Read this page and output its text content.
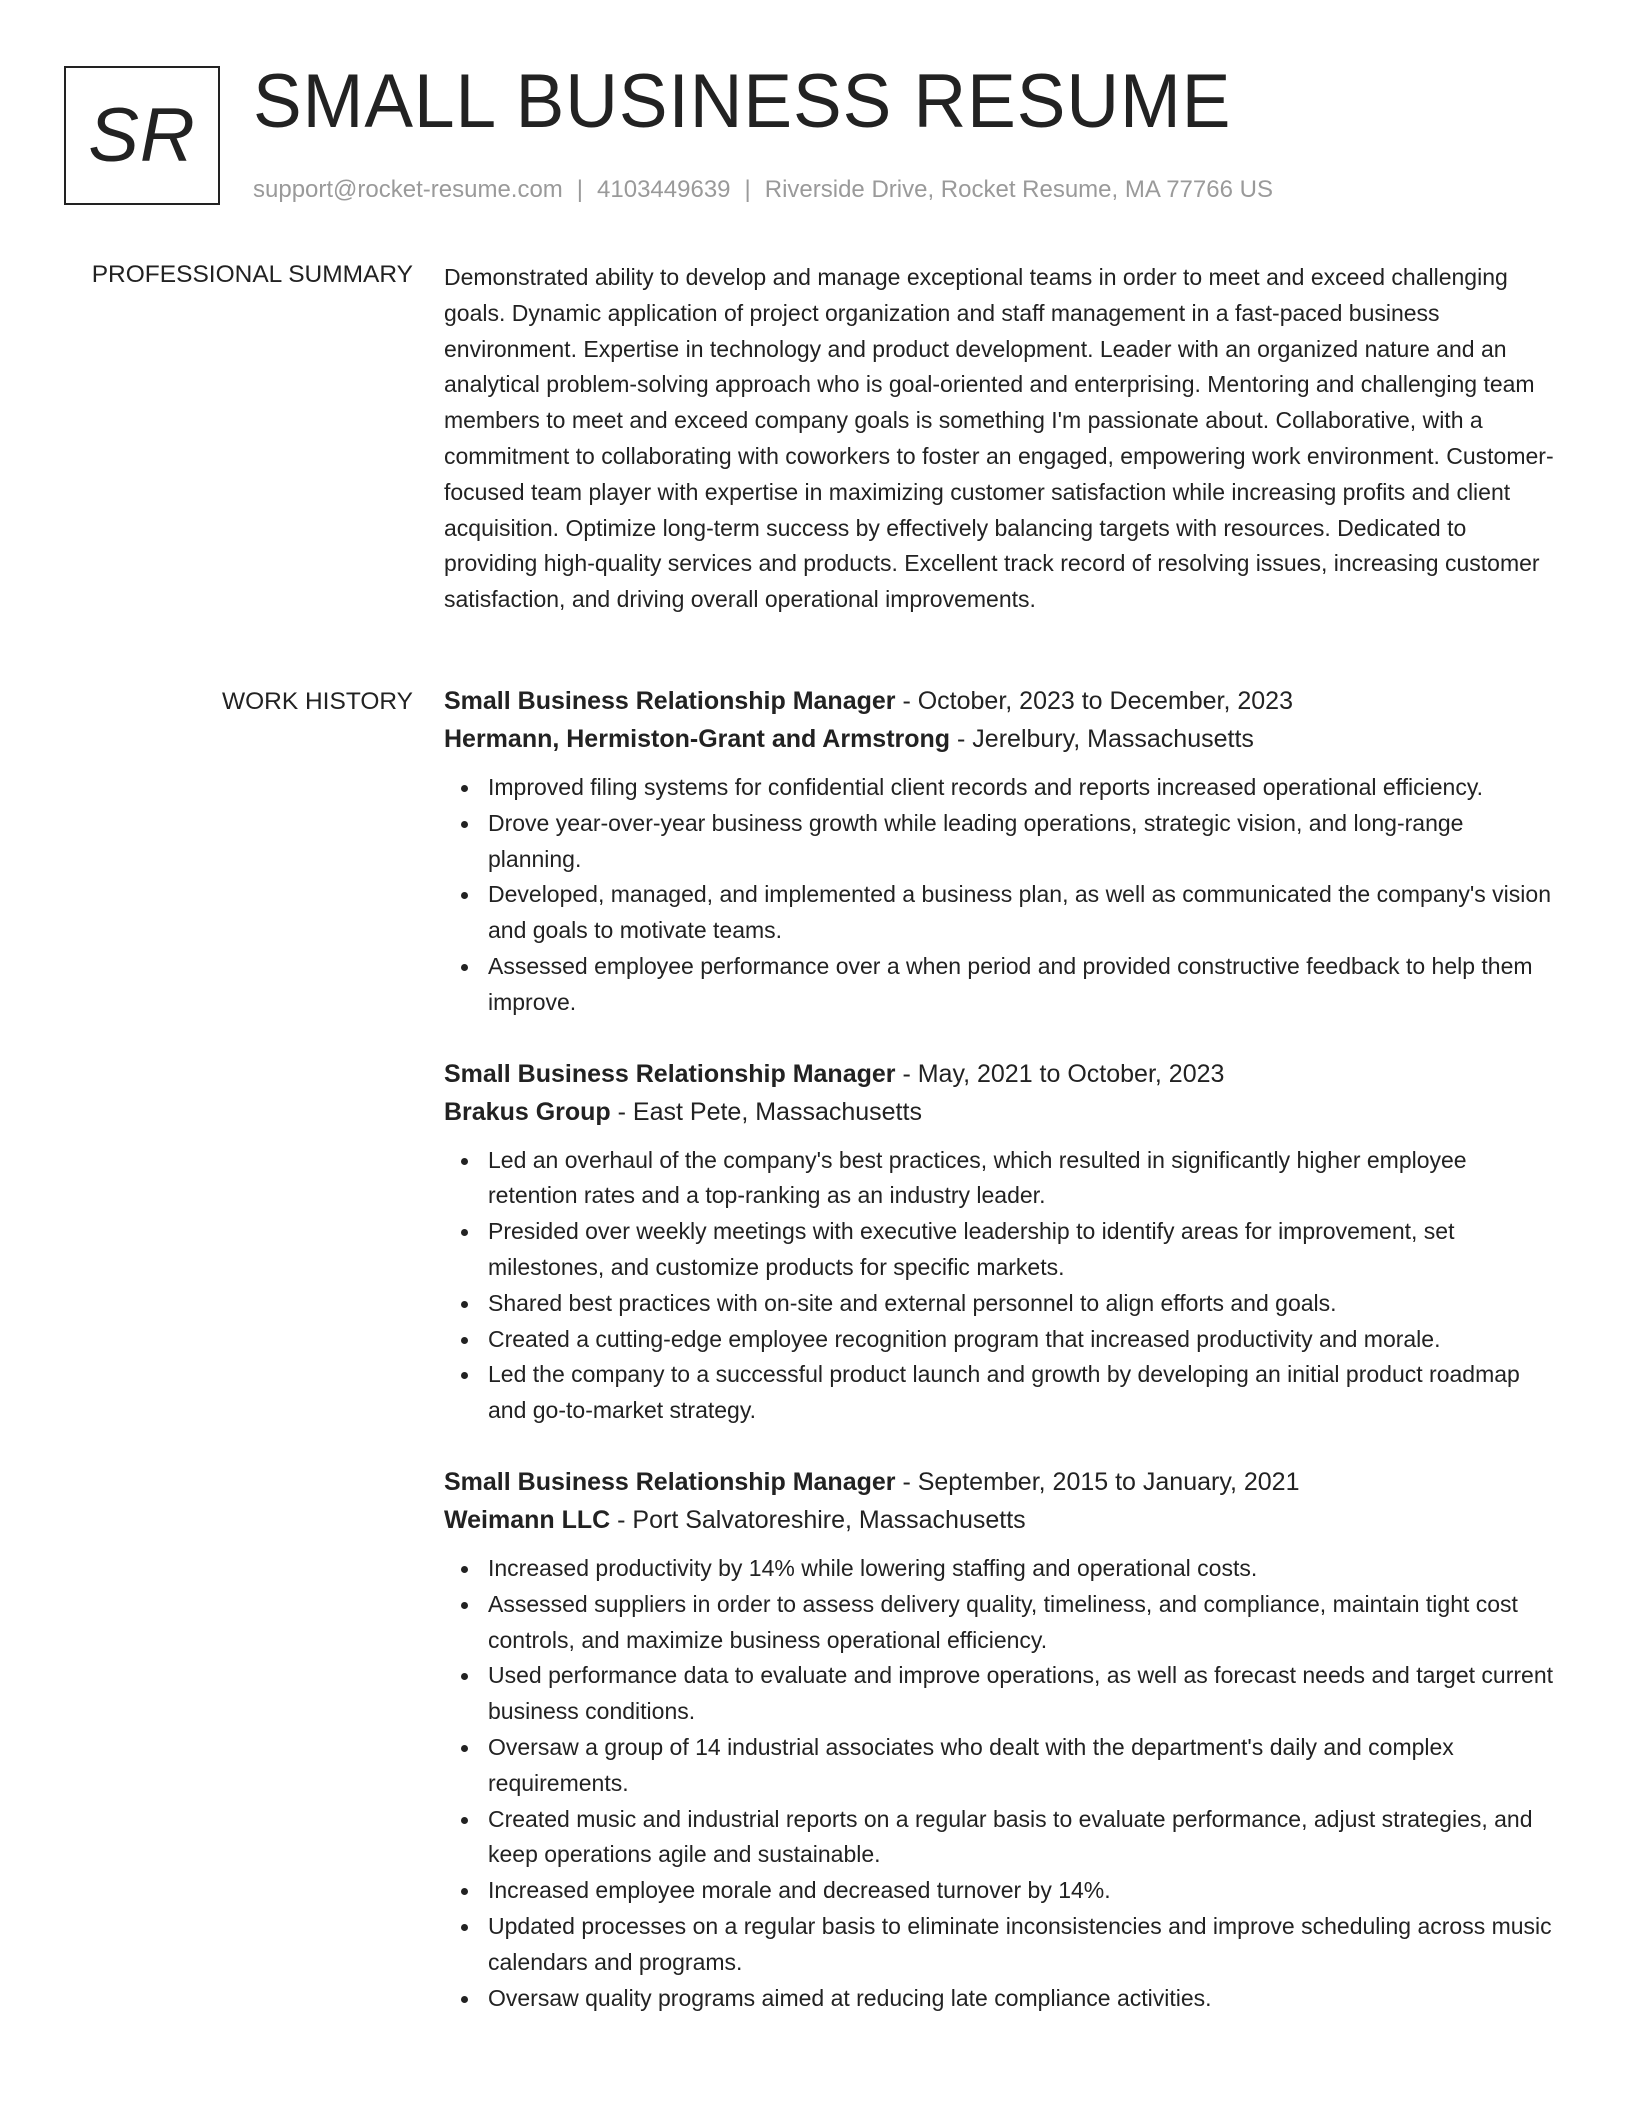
SR SMALL BUSINESS RESUME
support@rocket-resume.com | 4103449639 | Riverside Drive, Rocket Resume, MA 77766 US
PROFESSIONAL SUMMARY Demonstrated ability to develop and manage exceptional teams in order to meet and exceed challenging goals. Dynamic application of project organization and staff management in a fast-paced business environment. Expertise in technology and product development. Leader with an organized nature and an analytical problem-solving approach who is goal-oriented and enterprising. Mentoring and challenging team members to meet and exceed company goals is something I'm passionate about. Collaborative, with a commitment to collaborating with coworkers to foster an engaged, empowering work environment. Customer-focused team player with expertise in maximizing customer satisfaction while increasing profits and client acquisition. Optimize long-term success by effectively balancing targets with resources. Dedicated to providing high-quality services and products. Excellent track record of resolving issues, increasing customer satisfaction, and driving overall operational improvements.

WORK HISTORY Small Business Relationship Manager - October, 2023 to December, 2023
Hermann, Hermiston-Grant and Armstrong - Jerelbury, Massachusetts
Improved filing systems for confidential client records and reports increased operational efficiency.
Drove year-over-year business growth while leading operations, strategic vision, and long-range planning.
Developed, managed, and implemented a business plan, as well as communicated the company's vision and goals to motivate teams.
Assessed employee performance over a when period and provided constructive feedback to help them improve.
Small Business Relationship Manager - May, 2021 to October, 2023
Brakus Group - East Pete, Massachusetts
Led an overhaul of the company's best practices, which resulted in significantly higher employee retention rates and a top-ranking as an industry leader.
Presided over weekly meetings with executive leadership to identify areas for improvement, set milestones, and customize products for specific markets.
Shared best practices with on-site and external personnel to align efforts and goals.
Created a cutting-edge employee recognition program that increased productivity and morale.
Led the company to a successful product launch and growth by developing an initial product roadmap and go-to-market strategy.
Small Business Relationship Manager - September, 2015 to January, 2021
Weimann LLC - Port Salvatoreshire, Massachusetts
Increased productivity by 14% while lowering staffing and operational costs.
Assessed suppliers in order to assess delivery quality, timeliness, and compliance, maintain tight cost controls, and maximize business operational efficiency.
Used performance data to evaluate and improve operations, as well as forecast needs and target current business conditions.
Oversaw a group of 14 industrial associates who dealt with the department's daily and complex requirements.
Created music and industrial reports on a regular basis to evaluate performance, adjust strategies, and keep operations agile and sustainable.
Increased employee morale and decreased turnover by 14%.
Updated processes on a regular basis to eliminate inconsistencies and improve scheduling across music calendars and programs.
Oversaw quality programs aimed at reducing late compliance activities.
